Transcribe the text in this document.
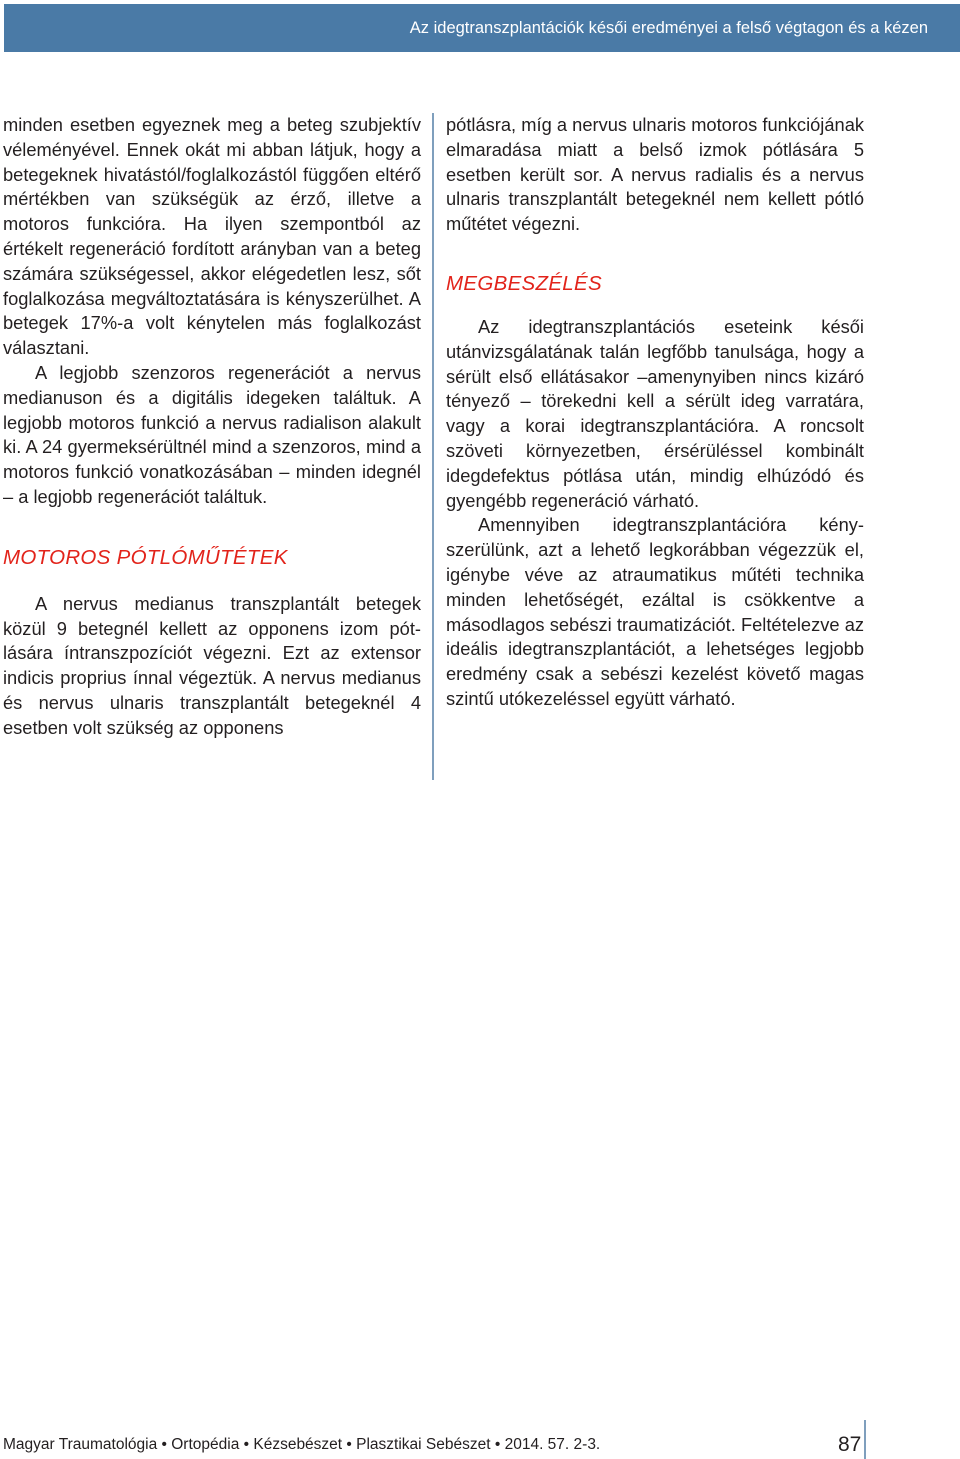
Az idegtranszplantációk késői eredményei a felső végtagon és a kézen

minden esetben egyeznek meg a beteg szubjektív véleményével. Ennek okát mi abban látjuk, hogy a betegeknek hivatástól/foglalkozástól függően eltérő mértékben van szükségük az érző, illetve a motoros funkcióra. Ha ilyen szempontból az értékelt regeneráció fordított arányban van a beteg számára szükségessel, akkor elégedetlen lesz, sőt foglalkozása megváltoztatására is kényszerülhet. A betegek 17%-a volt kénytelen más foglalkozást választani.

A legjobb szenzoros regenerációt a nervus medianuson és a digitális idegeken találtuk. A legjobb motoros funkció a nervus radialison alakult ki. A 24 gyermeksérültnél mind a szenzoros, mind a motoros funkció vonatkozásában – minden idegnél – a legjobb regenerációt találtuk.

MOTOROS PÓTLÓMŰTÉTEK

A nervus medianus transzplantált betegek közül 9 betegnél kellett az opponens izom pótlására íntranszpozíciót végezni. Ezt az extensor indicis proprius ínnal végeztük. A nervus medianus és nervus ulnaris transzplantált betegeknél 4 esetben volt szükség az opponens

pótlásra, míg a nervus ulnaris motoros funkciójának elmaradása miatt a belső izmok pótlására 5 esetben került sor. A nervus radialis és a nervus ulnaris transzplantált betegeknél nem kellett pótló műtétet végezni.

MEGBESZÉLÉS

Az idegtranszplantációs eseteink késői utánvizsgálatának talán legfőbb tanulsága, hogy a sérült első ellátásakor –amenynyiben nincs kizáró tényező – törekedni kell a sérült ideg varratára, vagy a korai idegtranszplantációra. A roncsolt szöveti környezetben, érsérüléssel kombinált idegdefektus pótlása után, mindig elhúzódó és gyengébb regeneráció várható.

Amennyiben idegtranszplantációra kényszerülünk, azt a lehető legkorábban végezzük el, igénybe véve az atraumatikus műtéti technika minden lehetőségét, ezáltal is csökkentve a másodlagos sebészi traumatizációt. Feltételezve az ideális idegtranszplantációt, a lehetséges legjobb eredmény csak a sebészi kezelést követő magas szintű utókezeléssel együtt várható.

Magyar Traumatológia • Ortopédia • Kézsebészet • Plasztikai Sebészet • 2014. 57. 2-3.	87
